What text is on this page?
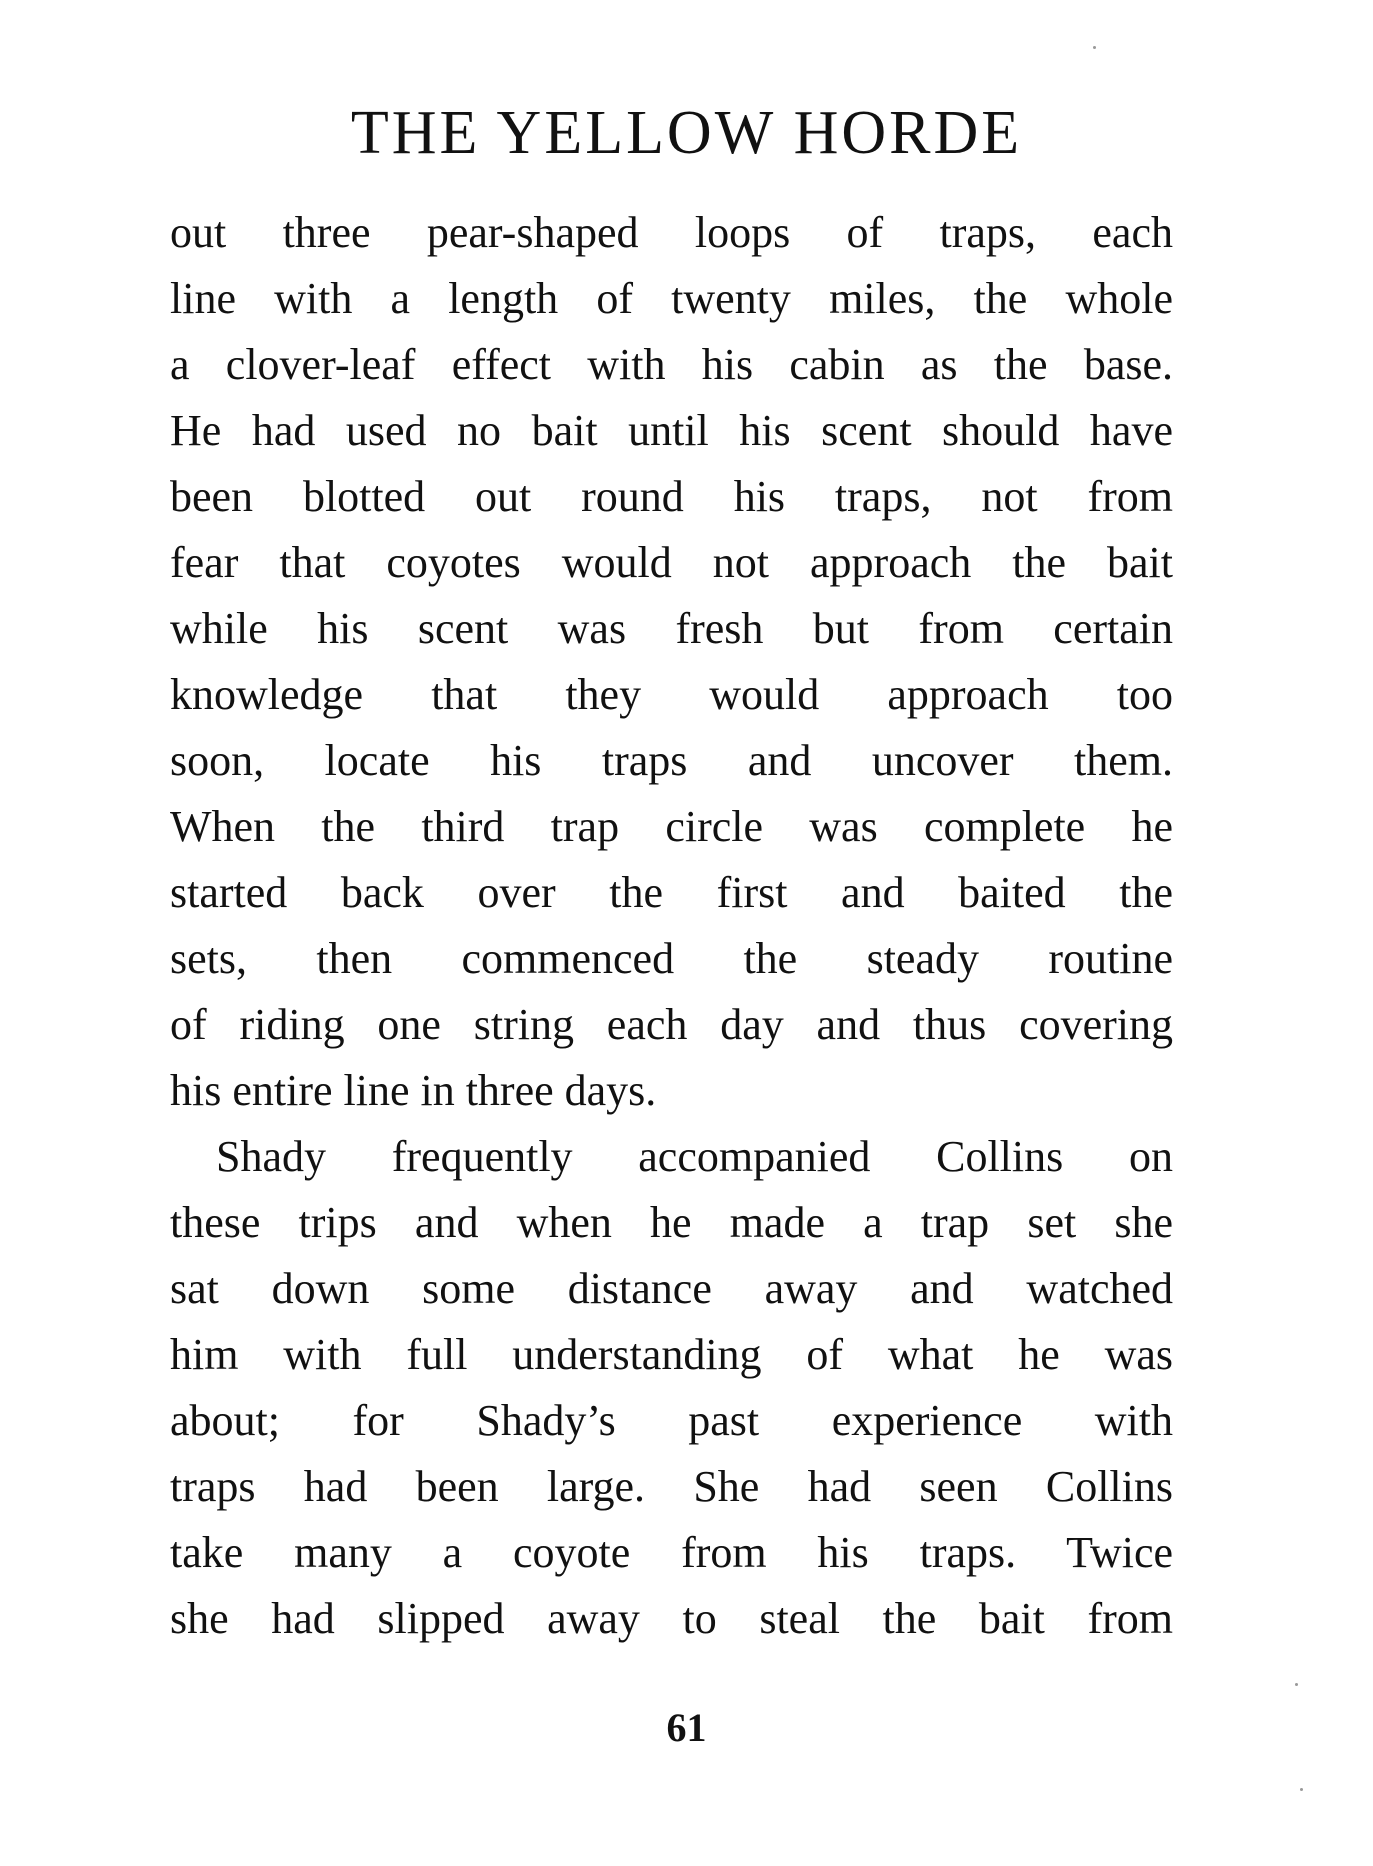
THE YELLOW HORDE
out three pear-shaped loops of traps, each
line with a length of twenty miles, the whole
a clover-leaf effect with his cabin as the base.
He had used no bait until his scent should have
been blotted out round his traps, not from
fear that coyotes would not approach the bait
while his scent was fresh but from certain
knowledge that they would approach too
soon, locate his traps and uncover them.
When the third trap circle was complete he
started back over the first and baited the
sets, then commenced the steady routine
of riding one string each day and thus covering
his entire line in three days.
Shady frequently accompanied Collins on
these trips and when he made a trap set she
sat down some distance away and watched
him with full understanding of what he was
about; for Shady’s past experience with
traps had been large. She had seen Collins
take many a coyote from his traps. Twice
she had slipped away to steal the bait from
61
